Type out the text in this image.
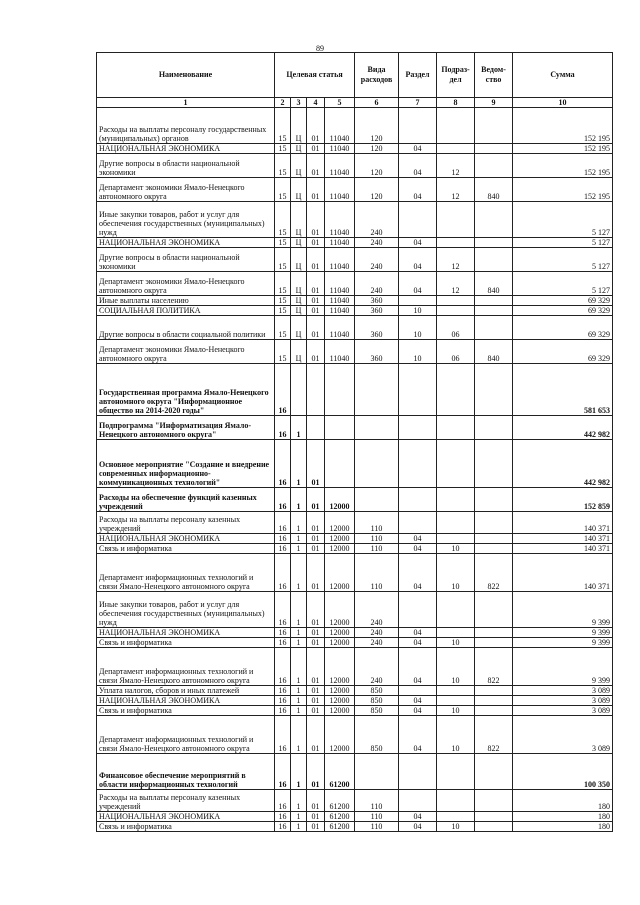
89
Наименование	Целевая статья				Вида расходов	Раздел	Подраз- дел	Ведом- ство	Сумма
1	2	3	4	5	6	7	8	9	10
Расходы на выплаты персоналу государственных (муниципальных) органов	15	Ц	01	11040	120				152 195
НАЦИОНАЛЬНАЯ ЭКОНОМИКА	15	Ц	01	11040	120	04			152 195
Другие вопросы в области национальной экономики	15	Ц	01	11040	120	04	12		152 195
Департамент экономики Ямало-Ненецкого автономного округа	15	Ц	01	11040	120	04	12	840	152 195
Иные закупки товаров, работ и услуг для обеспечения государственных (муниципальных) нужд	15	Ц	01	11040	240				5 127
НАЦИОНАЛЬНАЯ ЭКОНОМИКА	15	Ц	01	11040	240	04			5 127
Другие вопросы в области национальной экономики	15	Ц	01	11040	240	04	12		5 127
Департамент экономики Ямало-Ненецкого автономного округа	15	Ц	01	11040	240	04	12	840	5 127
Иные выплаты населению	15	Ц	01	11040	360				69 329
СОЦИАЛЬНАЯ ПОЛИТИКА	15	Ц	01	11040	360	10			69 329
Другие вопросы в области социальной политики	15	Ц	01	11040	360	10	06		69 329
Департамент экономики Ямало-Ненецкого автономного округа	15	Ц	01	11040	360	10	06	840	69 329
Государственная программа Ямало-Ненецкого автономного округа "Информационное общество на 2014-2020 годы"	16								581 653
Подпрограмма "Информатизация Ямало-Ненецкого автономного округа"	16	1							442 982
Основное мероприятие "Создание и внедрение современных информационно-коммуникационных технологий"	16	1	01						442 982
Расходы на обеспечение функций казенных учреждений	16	1	01	12000					152 859
Расходы на выплаты персоналу казенных учреждений	16	1	01	12000	110				140 371
НАЦИОНАЛЬНАЯ ЭКОНОМИКА	16	1	01	12000	110	04			140 371
Связь и информатика	16	1	01	12000	110	04	10		140 371
Департамент информационных технологий и связи Ямало-Ненецкого автономного округа	16	1	01	12000	110	04	10	822	140 371
Иные закупки товаров, работ и услуг для обеспечения государственных (муниципальных) нужд	16	1	01	12000	240				9 399
НАЦИОНАЛЬНАЯ ЭКОНОМИКА	16	1	01	12000	240	04			9 399
Связь и информатика	16	1	01	12000	240	04	10		9 399
Департамент информационных технологий и связи Ямало-Ненецкого автономного округа	16	1	01	12000	240	04	10	822	9 399
Уплата налогов, сборов и иных платежей	16	1	01	12000	850				3 089
НАЦИОНАЛЬНАЯ ЭКОНОМИКА	16	1	01	12000	850	04			3 089
Связь и информатика	16	1	01	12000	850	04	10		3 089
Департамент информационных технологий и связи Ямало-Ненецкого автономного округа	16	1	01	12000	850	04	10	822	3 089
Финансовое обеспечение мероприятий в области информационных технологий	16	1	01	61200					100 350
Расходы на выплаты персоналу казенных учреждений	16	1	01	61200	110				180
НАЦИОНАЛЬНАЯ ЭКОНОМИКА	16	1	01	61200	110	04			180
Связь и информатика	16	1	01	61200	110	04	10		180
